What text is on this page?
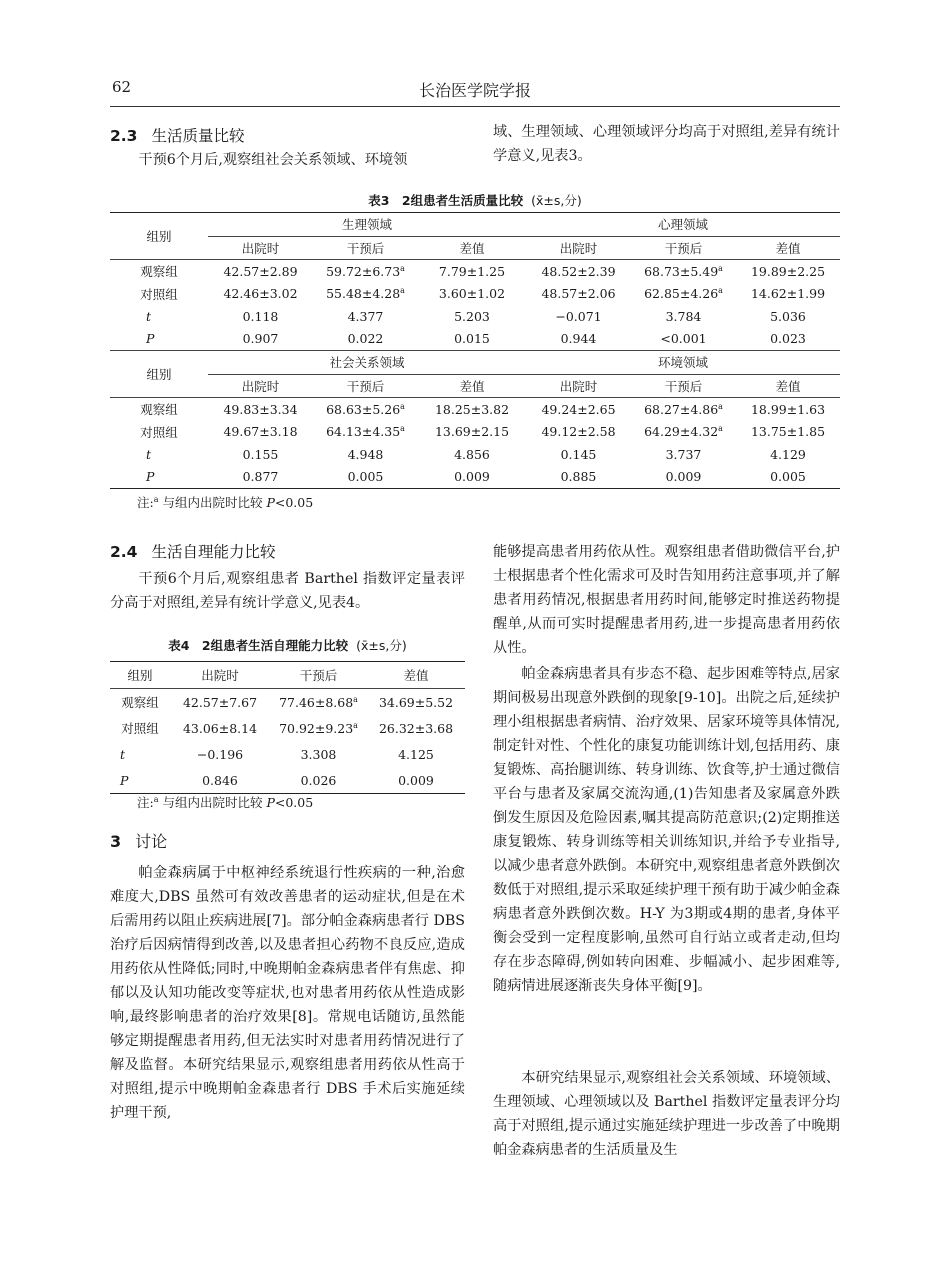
62	长治医学院学报
2.3 生活质量比较
干预6个月后,观察组社会关系领域、环境领
域、生理领域、心理领域评分均高于对照组,差异有统计学意义,见表3。
表3　2组患者生活质量比较 (x̄±s,分)
组别	生理领域			心理领域		
	出院时	干预后	差值	出院时	干预后	差值
观察组	42.57±2.89	59.72±6.73$^a$	7.79±1.25	48.52±2.39	68.73±5.49$^a$	19.89±2.25
对照组	42.46±3.02	55.48±4.28$^a$	3.60±1.02	48.57±2.06	62.85±4.26$^a$	14.62±1.99
t	0.118	4.377	5.203	−0.071	3.784	5.036
P	0.907	0.022	0.015	0.944	<0.001	0.023
组别	社会关系领域			环境领域		
	出院时	干预后	差值	出院时	干预后	差值
观察组	49.83±3.34	68.63±5.26$^a$	18.25±3.82	49.24±2.65	68.27±4.86$^a$	18.99±1.63
对照组	49.67±3.18	64.13±4.35$^a$	13.69±2.15	49.12±2.58	64.29±4.32$^a$	13.75±1.85
t	0.155	4.948	4.856	0.145	3.737	4.129
P	0.877	0.005	0.009	0.885	0.009	0.005
注:$^a$ 与组内出院时比较 P<0.05
2.4 生活自理能力比较
干预6个月后,观察组患者 Barthel 指数评定量表评分高于对照组,差异有统计学意义,见表4。
表4　2组患者生活自理能力比较 (x̄±s,分)
组别	出院时	干预后	差值
观察组	42.57±7.67	77.46±8.68$^a$	34.69±5.52
对照组	43.06±8.14	70.92±9.23$^a$	26.32±3.68
t	−0.196	3.308	4.125
P	0.846	0.026	0.009
注:$^a$ 与组内出院时比较 P<0.05
3 讨论
帕金森病属于中枢神经系统退行性疾病的一种,治愈难度大,DBS 虽然可有效改善患者的运动症状,但是在术后需用药以阻止疾病进展[7]。部分帕金森病患者行 DBS 治疗后因病情得到改善,以及患者担心药物不良反应,造成用药依从性降低;同时,中晚期帕金森病患者伴有焦虑、抑郁以及认知功能改变等症状,也对患者用药依从性造成影响,最终影响患者的治疗效果[8]。常规电话随访,虽然能够定期提醒患者用药,但无法实时对患者用药情况进行了解及监督。本研究结果显示,观察组患者用药依从性高于对照组,提示中晚期帕金森患者行 DBS 手术后实施延续护理干预,
能够提高患者用药依从性。观察组患者借助微信平台,护士根据患者个性化需求可及时告知用药注意事项,并了解患者用药情况,根据患者用药时间,能够定时推送药物提醒单,从而可实时提醒患者用药,进一步提高患者用药依从性。
帕金森病患者具有步态不稳、起步困难等特点,居家期间极易出现意外跌倒的现象[9-10]。出院之后,延续护理小组根据患者病情、治疗效果、居家环境等具体情况,制定针对性、个性化的康复功能训练计划,包括用药、康复锻炼、高抬腿训练、转身训练、饮食等,护士通过微信平台与患者及家属交流沟通,(1)告知患者及家属意外跌倒发生原因及危险因素,嘱其提高防范意识;(2)定期推送康复锻炼、转身训练等相关训练知识,并给予专业指导,以减少患者意外跌倒。本研究中,观察组患者意外跌倒次数低于对照组,提示采取延续护理干预有助于减少帕金森病患者意外跌倒次数。H-Y 为3期或4期的患者,身体平衡会受到一定程度影响,虽然可自行站立或者走动,但均存在步态障碍,例如转向困难、步幅减小、起步困难等,随病情进展逐渐丧失身体平衡[9]。
本研究结果显示,观察组社会关系领域、环境领域、生理领域、心理领域以及 Barthel 指数评定量表评分均高于对照组,提示通过实施延续护理进一步改善了中晚期帕金森病患者的生活质量及生
